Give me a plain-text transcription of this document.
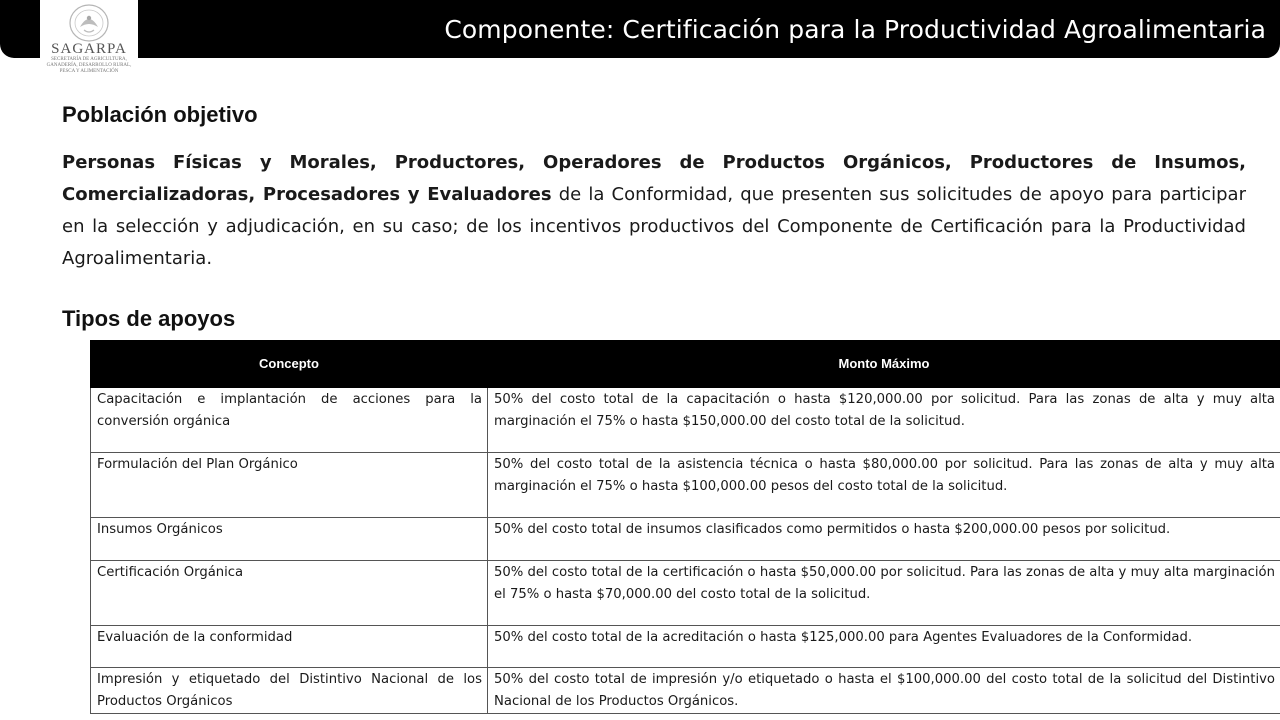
Componente: Certificación para la Productividad Agroalimentaria
SAGARPA
SECRETARÍA DE AGRICULTURA, GANADERÍA, DESARROLLO RURAL, PESCA Y ALIMENTACIÓN
Población objetivo

Personas Físicas y Morales, Productores, Operadores de Productos Orgánicos, Productores de Insumos, Comercializadoras, Procesadores y Evaluadores de la Conformidad, que presenten sus solicitudes de apoyo para participar en la selección y adjudicación, en su caso; de los incentivos productivos del Componente de Certificación para la Productividad Agroalimentaria.

Tipos de apoyos
Concepto	Monto Máximo
Capacitación e implantación de acciones para la conversión orgánica	50% del costo total de la capacitación o hasta $120,000.00 por solicitud. Para las zonas de alta y muy alta marginación el 75% o hasta $150,000.00 del costo total de la solicitud.
Formulación del Plan Orgánico	50% del costo total de la asistencia técnica o hasta $80,000.00 por solicitud. Para las zonas de alta y muy alta marginación el 75% o hasta $100,000.00 pesos del costo total de la solicitud.
Insumos Orgánicos	50% del costo total de insumos clasificados como permitidos o hasta $200,000.00 pesos por solicitud.
Certificación Orgánica	50% del costo total de la certificación o hasta $50,000.00 por solicitud. Para las zonas de alta y muy alta marginación el 75% o hasta $70,000.00 del costo total de la solicitud.
Evaluación de la conformidad	50% del costo total de la acreditación o hasta $125,000.00 para Agentes Evaluadores de la Conformidad.
Impresión y etiquetado del Distintivo Nacional de los Productos Orgánicos	50% del costo total de impresión y/o etiquetado o hasta el $100,000.00 del costo total de la solicitud del Distintivo Nacional de los Productos Orgánicos.
